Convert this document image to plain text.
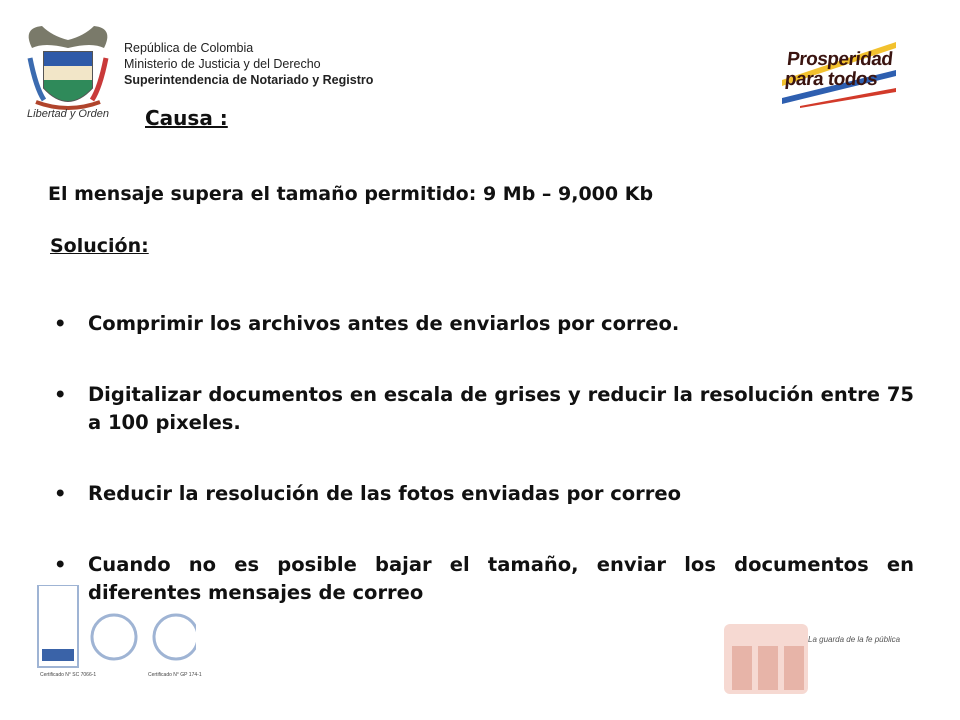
Libertad y Orden
República de Colombia
Ministerio de Justicia y del Derecho
Superintendencia de Notariado y Registro
Prosperidad
para todos
Causa :
El mensaje supera el tamaño permitido: 9 Mb – 9,000 Kb
Solución:
• Comprimir los archivos antes de enviarlos por correo.
• Digitalizar documentos en escala de grises y reducir la resolución entre 75 a 100 pixeles.
• Reducir la resolución de las fotos enviadas por correo
• Cuando no es posible bajar el tamaño, enviar los documentos en diferentes mensajes de correo
Certificado N° SC 7066-1	Certificado N° GP 174-1
La guarda de la fe pública
